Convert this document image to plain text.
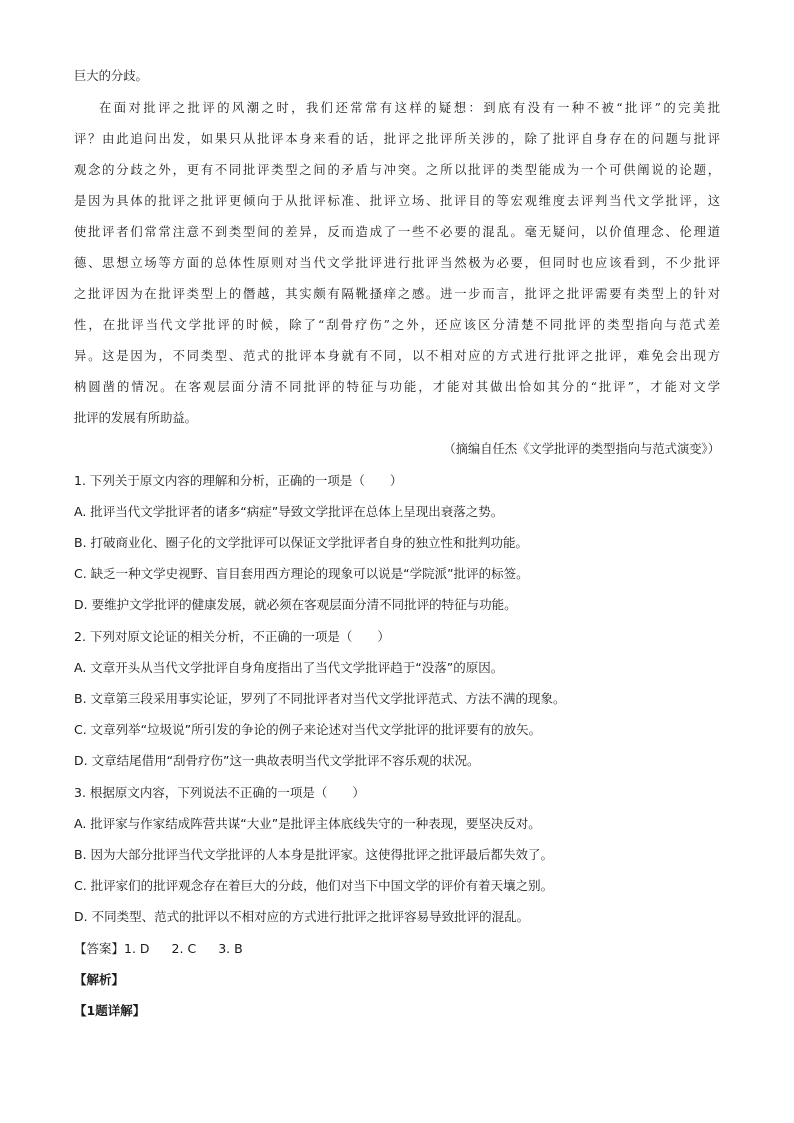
巨大的分歧。
在面对批评之批评的风潮之时，我们还常常有这样的疑想：到底有没有一种不被“批评”的完美批
评？由此追问出发，如果只从批评本身来看的话，批评之批评所关涉的，除了批评自身存在的问题与批评
观念的分歧之外，更有不同批评类型之间的矛盾与冲突。之所以批评的类型能成为一个可供阐说的论题，
是因为具体的批评之批评更倾向于从批评标准、批评立场、批评目的等宏观维度去评判当代文学批评，这
使批评者们常常注意不到类型间的差异，反而造成了一些不必要的混乱。毫无疑问，以价值理念、伦理道
德、思想立场等方面的总体性原则对当代文学批评进行批评当然极为必要，但同时也应该看到，不少批评
之批评因为在批评类型上的僭越，其实颇有隔靴搔痒之感。进一步而言，批评之批评需要有类型上的针对
性，在批评当代文学批评的时候，除了“刮骨疗伤”之外，还应该区分清楚不同批评的类型指向与范式差
异。这是因为，不同类型、范式的批评本身就有不同，以不相对应的方式进行批评之批评，难免会出现方
枘圆凿的情况。在客观层面分清不同批评的特征与功能，才能对其做出恰如其分的“批评”，才能对文学
批评的发展有所助益。
（摘编自任杰《文学批评的类型指向与范式演变》）
1. 下列关于原文内容的理解和分析，正确的一项是（　　）
A. 批评当代文学批评者的诸多“病症”导致文学批评在总体上呈现出衰落之势。
B. 打破商业化、圈子化的文学批评可以保证文学批评者自身的独立性和批判功能。
C. 缺乏一种文学史视野、盲目套用西方理论的现象可以说是“学院派”批评的标签。
D. 要维护文学批评的健康发展，就必须在客观层面分清不同批评的特征与功能。
2. 下列对原文论证的相关分析，不正确的一项是（　　）
A. 文章开头从当代文学批评自身角度指出了当代文学批评趋于“没落”的原因。
B. 文章第三段采用事实论证，罗列了不同批评者对当代文学批评范式、方法不满的现象。
C. 文章列举“垃圾说”所引发的争论的例子来论述对当代文学批评的批评要有的放矢。
D. 文章结尾借用“刮骨疗伤”这一典故表明当代文学批评不容乐观的状况。
3. 根据原文内容，下列说法不正确的一项是（　　）
A. 批评家与作家结成阵营共谋“大业”是批评主体底线失守的一种表现，要坚决反对。
B. 因为大部分批评当代文学批评的人本身是批评家。这使得批评之批评最后都失效了。
C. 批评家们的批评观念存在着巨大的分歧，他们对当下中国文学的评价有着天壤之别。
D. 不同类型、范式的批评以不相对应的方式进行批评之批评容易导致批评的混乱。
【答案】1. D 2. C 3. B
【解析】
【1题详解】
